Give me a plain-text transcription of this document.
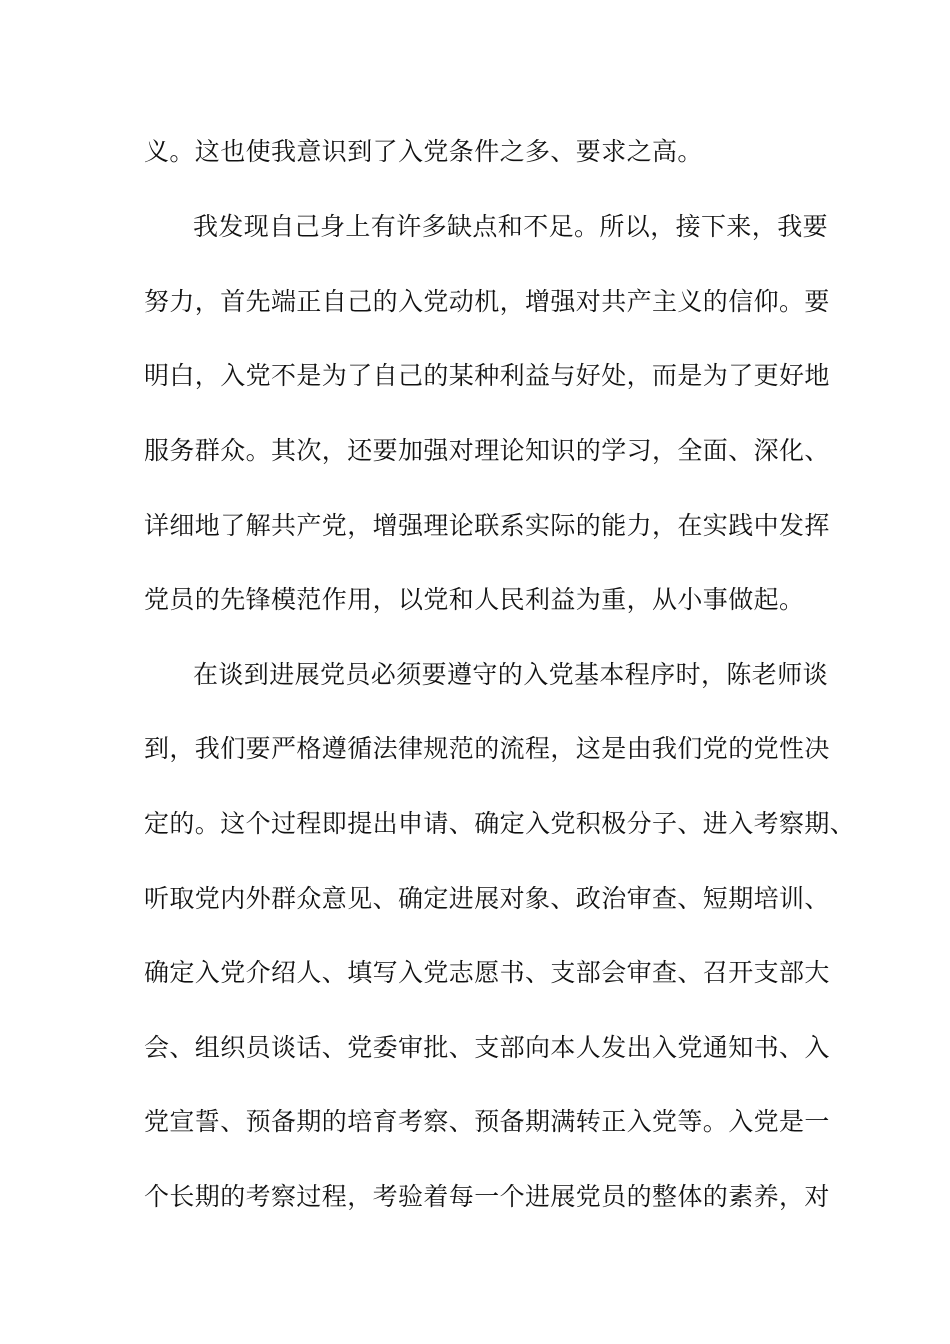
义。这也使我意识到了入党条件之多、要求之高。
我发现自己身上有许多缺点和不足。所以，接下来，我要
努力，首先端正自己的入党动机，增强对共产主义的信仰。要
明白，入党不是为了自己的某种利益与好处，而是为了更好地
服务群众。其次，还要加强对理论知识的学习，全面、深化、
详细地了解共产党，增强理论联系实际的能力，在实践中发挥
党员的先锋模范作用，以党和人民利益为重，从小事做起。
在谈到进展党员必须要遵守的入党基本程序时，陈老师谈
到，我们要严格遵循法律规范的流程，这是由我们党的党性决
定的。这个过程即提出申请、确定入党积极分子、进入考察期、
听取党内外群众意见、确定进展对象、政治审查、短期培训、
确定入党介绍人、填写入党志愿书、支部会审查、召开支部大
会、组织员谈话、党委审批、支部向本人发出入党通知书、入
党宣誓、预备期的培育考察、预备期满转正入党等。入党是一
个长期的考察过程，考验着每一个进展党员的整体的素养，对
